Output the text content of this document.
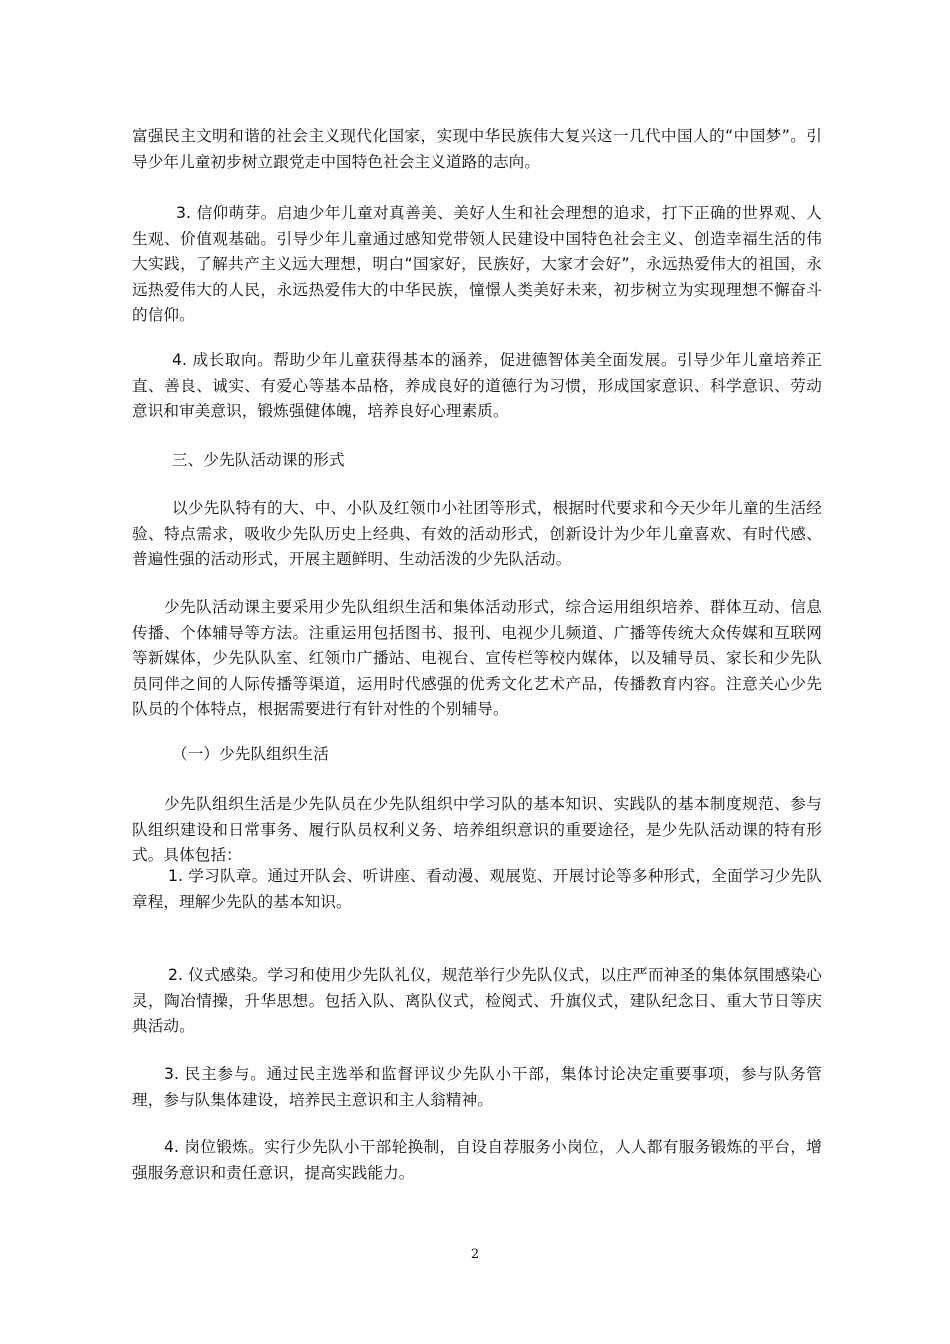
富强民主文明和谐的社会主义现代化国家，实现中华民族伟大复兴这一几代中国人的“中国梦”。引导少年儿童初步树立跟党走中国特色社会主义道路的志向。

3. 信仰萌芽。启迪少年儿童对真善美、美好人生和社会理想的追求，打下正确的世界观、人生观、价值观基础。引导少年儿童通过感知党带领人民建设中国特色社会主义、创造幸福生活的伟大实践，了解共产主义远大理想，明白“国家好，民族好，大家才会好”，永远热爱伟大的祖国，永远热爱伟大的人民，永远热爱伟大的中华民族，憧憬人类美好未来，初步树立为实现理想不懈奋斗的信仰。

4. 成长取向。帮助少年儿童获得基本的涵养，促进德智体美全面发展。引导少年儿童培养正直、善良、诚实、有爱心等基本品格，养成良好的道德行为习惯，形成国家意识、科学意识、劳动意识和审美意识，锻炼强健体魄，培养良好心理素质。

三、少先队活动课的形式

以少先队特有的大、中、小队及红领巾小社团等形式，根据时代要求和今天少年儿童的生活经验、特点需求，吸收少先队历史上经典、有效的活动形式，创新设计为少年儿童喜欢、有时代感、普遍性强的活动形式，开展主题鲜明、生动活泼的少先队活动。

少先队活动课主要采用少先队组织生活和集体活动形式，综合运用组织培养、群体互动、信息传播、个体辅导等方法。注重运用包括图书、报刊、电视少儿频道、广播等传统大众传媒和互联网等新媒体，少先队队室、红领巾广播站、电视台、宣传栏等校内媒体，以及辅导员、家长和少先队员同伴之间的人际传播等渠道，运用时代感强的优秀文化艺术产品，传播教育内容。注意关心少先队员的个体特点，根据需要进行有针对性的个别辅导。

（一）少先队组织生活

少先队组织生活是少先队员在少先队组织中学习队的基本知识、实践队的基本制度规范、参与队组织建设和日常事务、履行队员权利义务、培养组织意识的重要途径，是少先队活动课的特有形式。具体包括：

1. 学习队章。通过开队会、听讲座、看动漫、观展览、开展讨论等多种形式，全面学习少先队章程，理解少先队的基本知识。

2. 仪式感染。学习和使用少先队礼仪，规范举行少先队仪式，以庄严而神圣的集体氛围感染心灵，陶冶情操，升华思想。包括入队、离队仪式，检阅式、升旗仪式，建队纪念日、重大节日等庆典活动。

3. 民主参与。通过民主选举和监督评议少先队小干部，集体讨论决定重要事项，参与队务管理，参与队集体建设，培养民主意识和主人翁精神。

4. 岗位锻炼。实行少先队小干部轮换制，自设自荐服务小岗位，人人都有服务锻炼的平台，增强服务意识和责任意识，提高实践能力。

2
